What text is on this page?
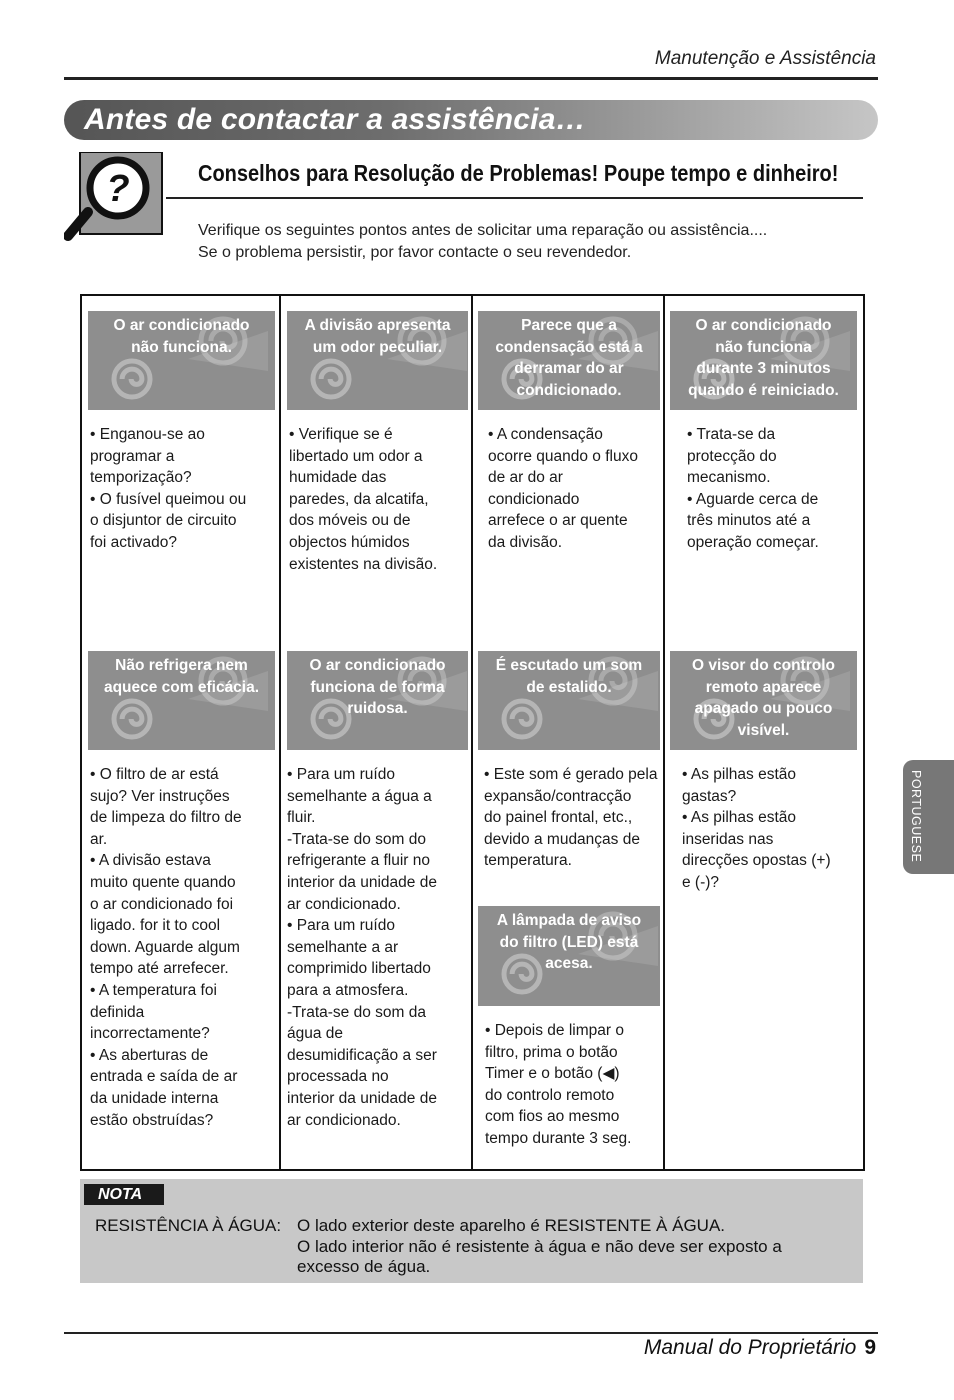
Manutenção e Assistência
Antes de contactar a assistência…
?	Conselhos para Resolução de Problemas! Poupe tempo e dinheiro!
Verifique os seguintes pontos antes de solicitar uma reparação ou assistência....
Se o problema persistir, por favor contacte o seu revendedor.
O ar condicionado
não funciona.
• Enganou-se ao
programar a
temporização?
• O fusível queimou ou
o disjuntor de circuito
foi activado?
A divisão apresenta
um odor peculiar.
• Verifique se é
libertado um odor a
humidade das
paredes, da alcatifa,
dos móveis ou de
objectos húmidos
existentes na divisão.
Parece que a
condensação está a
derramar do ar
condicionado.
• A condensação
ocorre quando o fluxo
de ar do ar
condicionado
arrefece o ar quente
da divisão.
O ar condicionado
não funciona
durante 3 minutos
quando é reiniciado.
• Trata-se da
protecção do
mecanismo.
• Aguarde cerca de
três minutos até a
operação começar.
Não refrigera nem
aquece com eficácia.
• O filtro de ar está
sujo? Ver instruções
de limpeza do filtro de
ar.
• A divisão estava
muito quente quando
o ar condicionado foi
ligado. for it to cool
down. Aguarde algum
tempo até arrefecer.
• A temperatura foi
definida
incorrectamente?
• As aberturas de
entrada e saída de ar
da unidade interna
estão obstruídas?
O ar condicionado
funciona de forma
ruidosa.
• Para um ruído
semelhante a água a
fluir.
-Trata-se do som do
refrigerante a fluir no
interior da unidade de
ar condicionado.
• Para um ruído
semelhante a ar
comprimido libertado
para a atmosfera.
-Trata-se do som da
água de
desumidificação a ser
processada no
interior da unidade de
ar condicionado.
É escutado um som
de estalido.
• Este som é gerado pela
expansão/contracção
do painel frontal, etc.,
devido a mudanças de
temperatura.
O visor do controlo
remoto aparece
apagado ou pouco
visível.
• As pilhas estão
gastas?
• As pilhas estão
inseridas nas
direcções opostas (+)
e (-)?
A lâmpada de aviso
do filtro (LED) está
acesa.
• Depois de limpar o
filtro, prima o botão
Timer e o botão (◀)
do controlo remoto
com fios ao mesmo
tempo durante 3 seg.
NOTA
RESISTÊNCIA À ÁGUA: O lado exterior deste aparelho é RESISTENTE À ÁGUA.
O lado interior não é resistente à água e não deve ser exposto a
excesso de água.
PORTUGUESE
Manual do Proprietário 9
